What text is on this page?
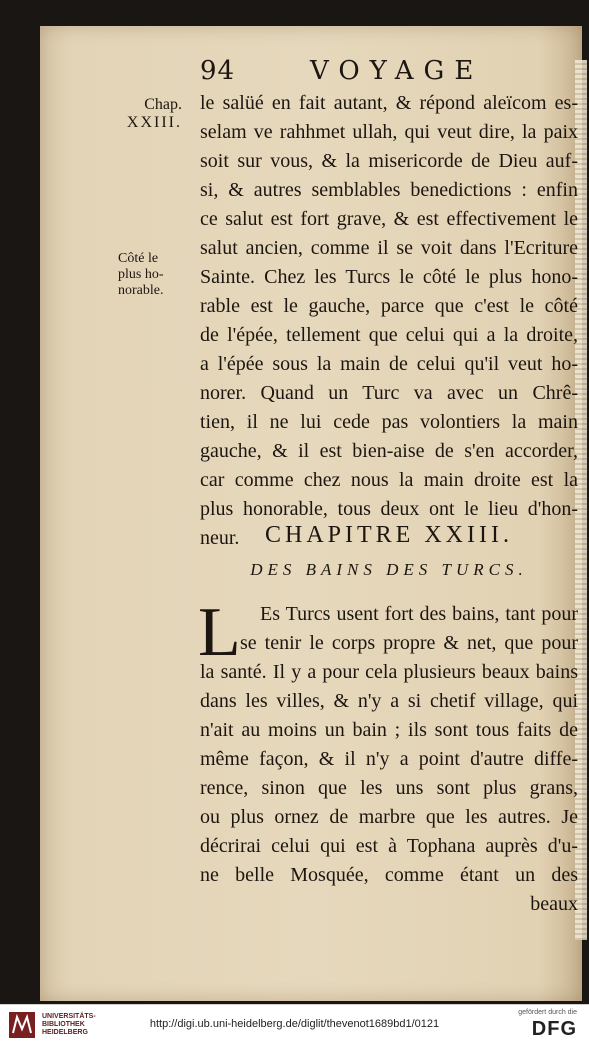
94	VOYAGE
Chap.
XXIII.
Côté le
plus ho-
norable.
le salüé en fait autant, & répond aleïcom es-
selam ve rahhmet ullah, qui veut dire, la paix
soit sur vous, & la misericorde de Dieu auf-
si, & autres semblables benedictions : enfin
ce salut est fort grave, & est effectivement le
salut ancien, comme il se voit dans l'Ecriture
Sainte. Chez les Turcs le côté le plus hono-
rable est le gauche, parce que c'est le côté
de l'épée, tellement que celui qui a la droite,
a l'épée sous la main de celui qu'il veut ho-
norer. Quand un Turc va avec un Chrê-
tien, il ne lui cede pas volontiers la main
gauche, & il est bien-aise de s'en accorder,
car comme chez nous la main droite est la
plus honorable, tous deux ont le lieu d'hon-
neur.	CHAPITRE XXIII.
DES BAINS DES TURCS.
L Es Turcs usent fort des bains, tant pour
se tenir le corps propre & net, que pour
la santé. Il y a pour cela plusieurs beaux bains
dans les villes, & n'y a si chetif village, qui
n'ait au moins un bain ; ils sont tous faits de
même façon, & il n'y a point d'autre diffe-
rence, sinon que les uns sont plus grans,
ou plus ornez de marbre que les autres. Je
décrirai celui qui est à Tophana auprès d'u-
ne belle Mosquée, comme étant un des
beaux
UNIVERSITÄTS-
BIBLIOTHEK
HEIDELBERG
http://digi.ub.uni-heidelberg.de/diglit/thevenot1689bd1/0121
gefördert durch die
DFG
